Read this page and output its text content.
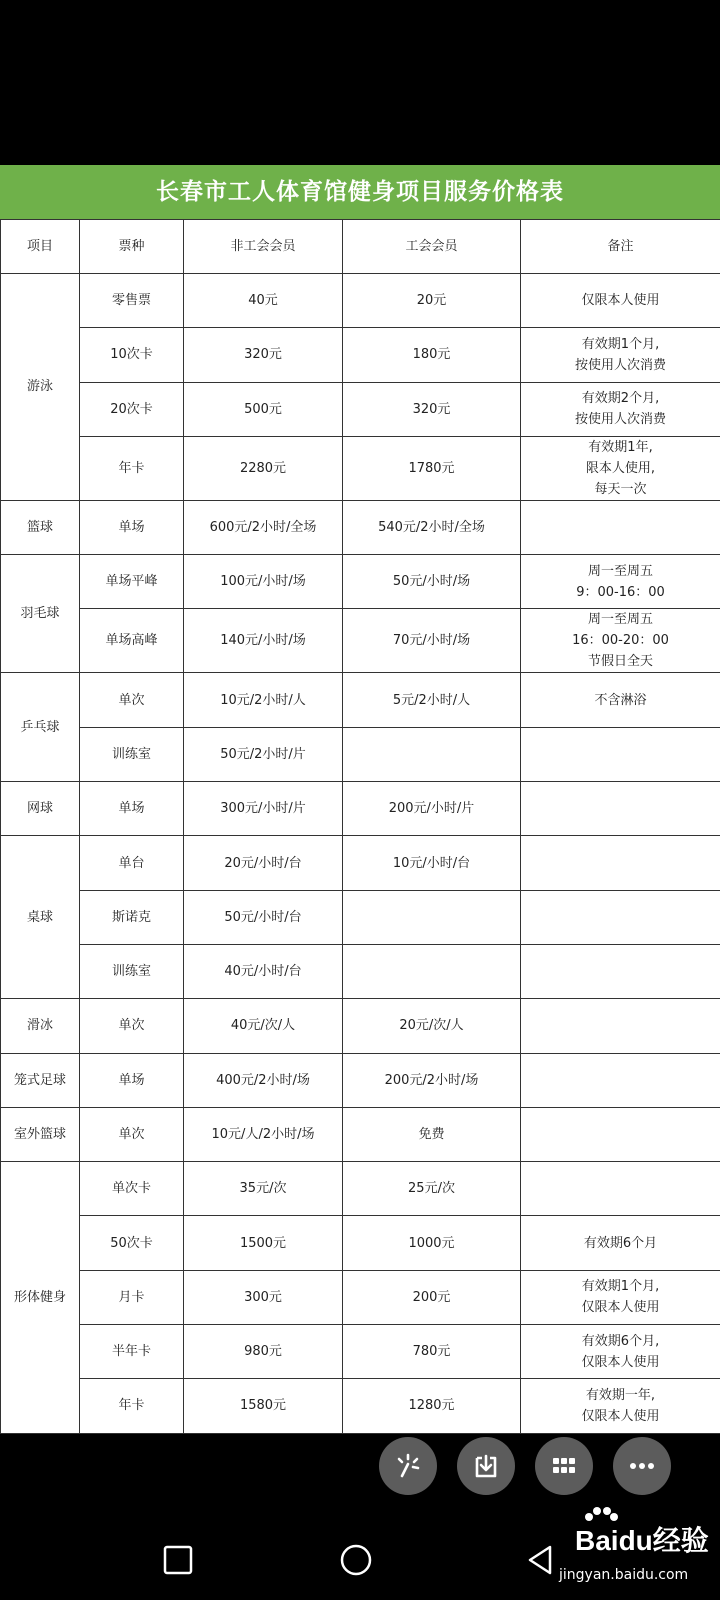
长春市工人体育馆健身项目服务价格表
项目	票种	非工会会员	工会会员	备注
游泳	零售票	40元	20元	仅限本人使用

	10次卡	320元	180元	有效期1个月,
按使用人次消费

	20次卡	500元	320元	有效期2个月,
按使用人次消费

	年卡	2280元	1780元	有效期1年,
限本人使用,
每天一次

篮球	单场	600元/2小时/全场	540元/2小时/全场	
羽毛球	单场平峰	100元/小时/场	50元/小时/场	周一至周五
9：00-16：00

	单场高峰	140元/小时/场	70元/小时/场	周一至周五
16：00-20：00
节假日全天

乒乓球	单次	10元/2小时/人	5元/2小时/人	不含淋浴

	训练室	50元/2小时/片		
网球	单场	300元/小时/片	200元/小时/片	
桌球	单台	20元/小时/台	10元/小时/台	
	斯诺克	50元/小时/台		
	训练室	40元/小时/台		
滑冰	单次	40元/次/人	20元/次/人	
笼式足球	单场	400元/2小时/场	200元/2小时/场	
室外篮球	单次	10元/人/2小时/场	免费	
形体健身	单次卡	35元/次	25元/次	
	50次卡	1500元	1000元	有效期6个月

	月卡	300元	200元	有效期1个月,
仅限本人使用

	半年卡	980元	780元	有效期6个月,
仅限本人使用

	年卡	1580元	1280元	有效期一年,
仅限本人使用
Baidu经验
jingyan.baidu.com
